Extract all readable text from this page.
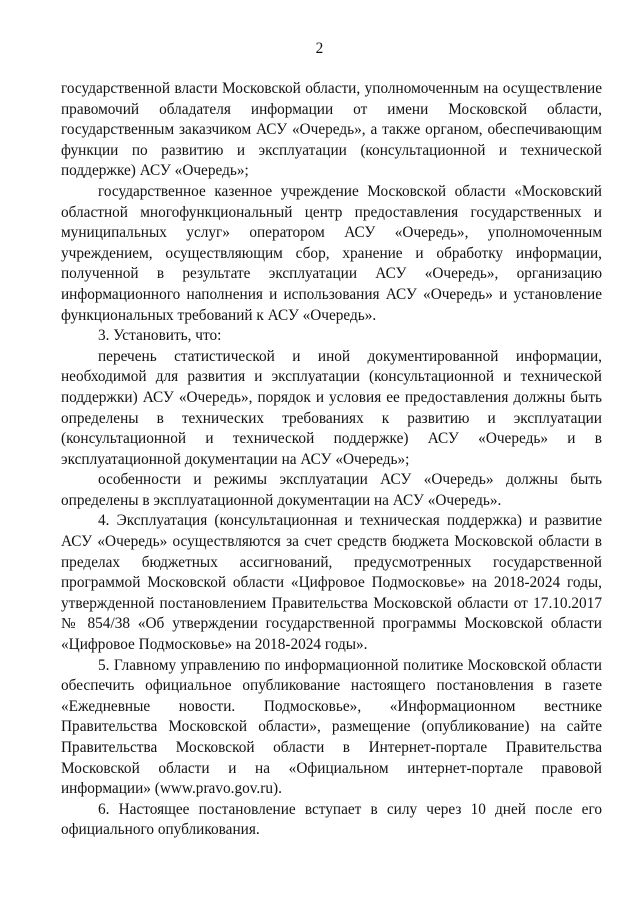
2

государственной власти Московской области, уполномоченным на осуществление правомочий обладателя информации от имени Московской области, государственным заказчиком АСУ «Очередь», а также органом, обеспечивающим функции по развитию и эксплуатации (консультационной и технической поддержке) АСУ «Очередь»;

государственное казенное учреждение Московской области «Московский областной многофункциональный центр предоставления государственных и муниципальных услуг» оператором АСУ «Очередь», уполномоченным учреждением, осуществляющим сбор, хранение и обработку информации, полученной в результате эксплуатации АСУ «Очередь», организацию информационного наполнения и использования АСУ «Очередь» и установление функциональных требований к АСУ «Очередь».

3. Установить, что:

перечень статистической и иной документированной информации, необходимой для развития и эксплуатации (консультационной и технической поддержки) АСУ «Очередь», порядок и условия ее предоставления должны быть определены в технических требованиях к развитию и эксплуатации (консультационной и технической поддержке) АСУ «Очередь» и в эксплуатационной документации на АСУ «Очередь»;

особенности и режимы эксплуатации АСУ «Очередь» должны быть определены в эксплуатационной документации на АСУ «Очередь».

4. Эксплуатация (консультационная и техническая поддержка) и развитие АСУ «Очередь» осуществляются за счет средств бюджета Московской области в пределах бюджетных ассигнований, предусмотренных государственной программой Московской области «Цифровое Подмосковье» на 2018-2024 годы, утвержденной постановлением Правительства Московской области от 17.10.2017 № 854/38 «Об утверждении государственной программы Московской области «Цифровое Подмосковье» на 2018-2024 годы».

5. Главному управлению по информационной политике Московской области обеспечить официальное опубликование настоящего постановления в газете «Ежедневные новости. Подмосковье», «Информационном вестнике Правительства Московской области», размещение (опубликование) на сайте Правительства Московской области в Интернет-портале Правительства Московской области и на «Официальном интернет-портале правовой информации» (www.pravo.gov.ru).

6. Настоящее постановление вступает в силу через 10 дней после его официального опубликования.
